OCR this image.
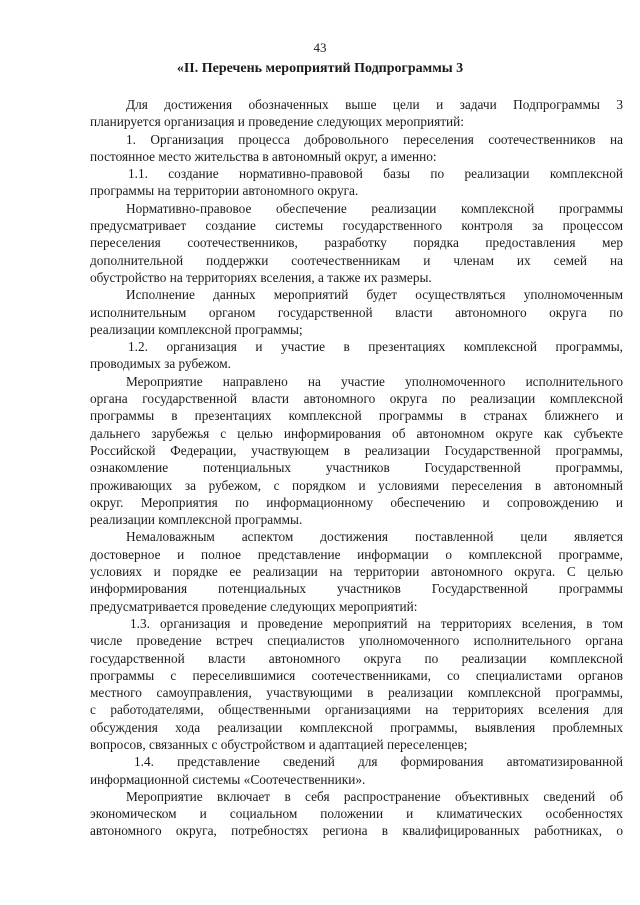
43
«II. Перечень мероприятий Подпрограммы 3
Для достижения обозначенных выше цели и задачи Подпрограммы 3
планируется организация и проведение следующих мероприятий:
1. Организация процесса добровольного переселения соотечественников на
постоянное место жительства в автономный округ, а именно:
1.1. создание нормативно-правовой базы по реализации комплексной
программы на территории автономного округа.
Нормативно-правовое обеспечение реализации комплексной программы
предусматривает создание системы государственного контроля за процессом
переселения соотечественников, разработку порядка предоставления мер
дополнительной поддержки соотечественникам и членам их семей на
обустройство на территориях вселения, а также их размеры.
Исполнение данных мероприятий будет осуществляться уполномоченным
исполнительным органом государственной власти автономного округа по
реализации комплексной программы;
1.2. организация и участие в презентациях комплексной программы,
проводимых за рубежом.
Мероприятие направлено на участие уполномоченного исполнительного
органа государственной власти автономного округа по реализации комплексной
программы в презентациях комплексной программы в странах ближнего и
дальнего зарубежья с целью информирования об автономном округе как субъекте
Российской Федерации, участвующем в реализации Государственной программы,
ознакомление потенциальных участников Государственной программы,
проживающих за рубежом, с порядком и условиями переселения в автономный
округ. Мероприятия по информационному обеспечению и сопровождению и
реализации комплексной программы.
Немаловажным аспектом достижения поставленной цели является
достоверное и полное представление информации о комплексной программе,
условиях и порядке ее реализации на территории автономного округа. С целью
информирования потенциальных участников Государственной программы
предусматривается проведение следующих мероприятий:
1.3. организация и проведение мероприятий на территориях вселения, в том
числе проведение встреч специалистов уполномоченного исполнительного органа
государственной власти автономного округа по реализации комплексной
программы с переселившимися соотечественниками, со специалистами органов
местного самоуправления, участвующими в реализации комплексной программы,
с работодателями, общественными организациями на территориях вселения для
обсуждения хода реализации комплексной программы, выявления проблемных
вопросов, связанных с обустройством и адаптацией переселенцев;
1.4. представление сведений для формирования автоматизированной
информационной системы «Соотечественники».
Мероприятие включает в себя распространение объективных сведений об
экономическом и социальном положении и климатических особенностях
автономного округа, потребностях региона в квалифицированных работниках, о
